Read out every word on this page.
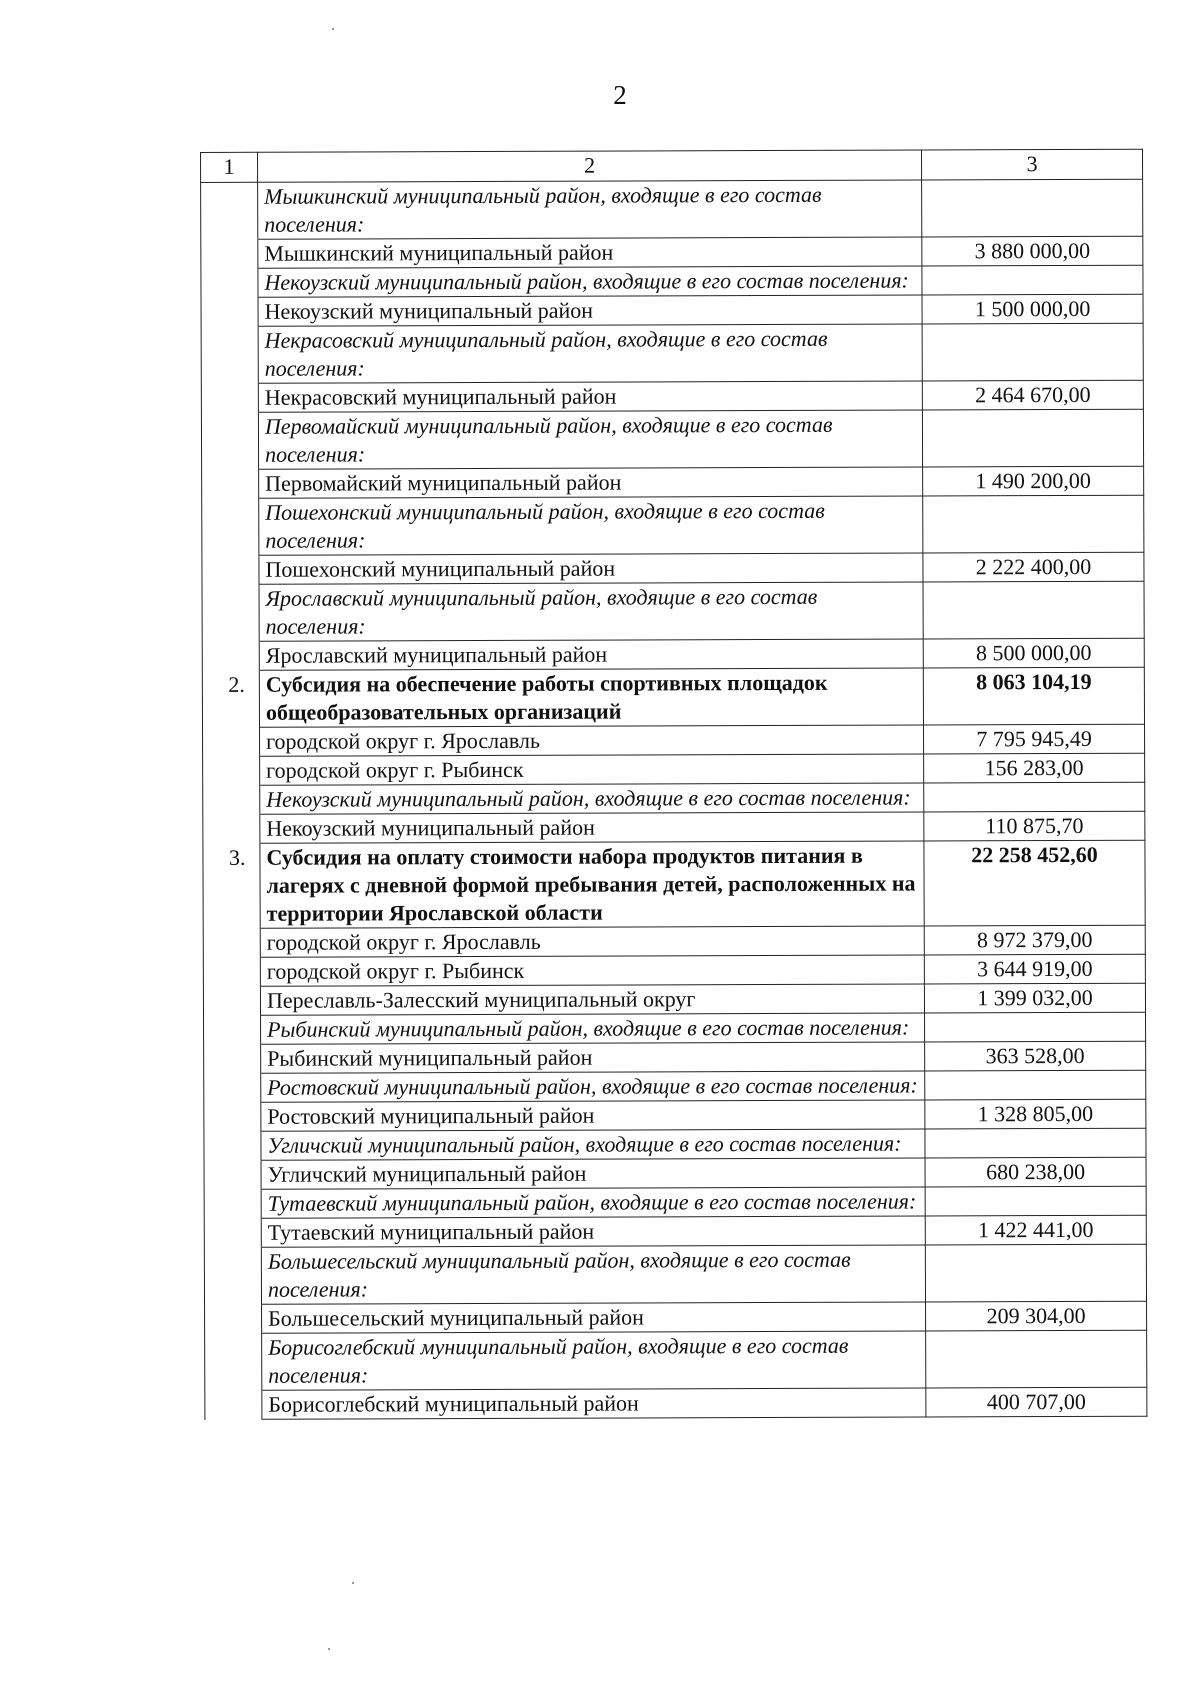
2
1	2	3
	Мышкинский муниципальный район, входящие в его состав поселения:	
	Мышкинский муниципальный район	3 880 000,00
	Некоузский муниципальный район, входящие в его состав поселения:	
	Некоузский муниципальный район	1 500 000,00
	Некрасовский муниципальный район, входящие в его состав поселения:	
	Некрасовский муниципальный район	2 464 670,00
	Первомайский муниципальный район, входящие в его состав поселения:	
	Первомайский муниципальный район	1 490 200,00
	Пошехонский муниципальный район, входящие в его состав поселения:	
	Пошехонский муниципальный район	2 222 400,00
	Ярославский муниципальный район, входящие в его состав поселения:	
	Ярославский муниципальный район	8 500 000,00
2.	Субсидия на обеспечение работы спортивных площадок общеобразовательных организаций	8 063 104,19
	городской округ г. Ярославль	7 795 945,49
	городской округ г. Рыбинск	156 283,00
	Некоузский муниципальный район, входящие в его состав поселения:	
	Некоузский муниципальный район	110 875,70
3.	Субсидия на оплату стоимости набора продуктов питания в лагерях с дневной формой пребывания детей, расположенных на территории Ярославской области	22 258 452,60
	городской округ г. Ярославль	8 972 379,00
	городской округ г. Рыбинск	3 644 919,00
	Переславль-Залесский муниципальный округ	1 399 032,00
	Рыбинский муниципальный район, входящие в его состав поселения:	
	Рыбинский муниципальный район	363 528,00
	Ростовский муниципальный район, входящие в его состав поселения:	
	Ростовский муниципальный район	1 328 805,00
	Угличский муниципальный район, входящие в его состав поселения:	
	Угличский муниципальный район	680 238,00
	Тутаевский муниципальный район, входящие в его состав поселения:	
	Тутаевский муниципальный район	1 422 441,00
	Большесельский муниципальный район, входящие в его состав поселения:	
	Большесельский муниципальный район	209 304,00
	Борисоглебский муниципальный район, входящие в его состав поселения:	
	Борисоглебский муниципальный район	400 707,00
